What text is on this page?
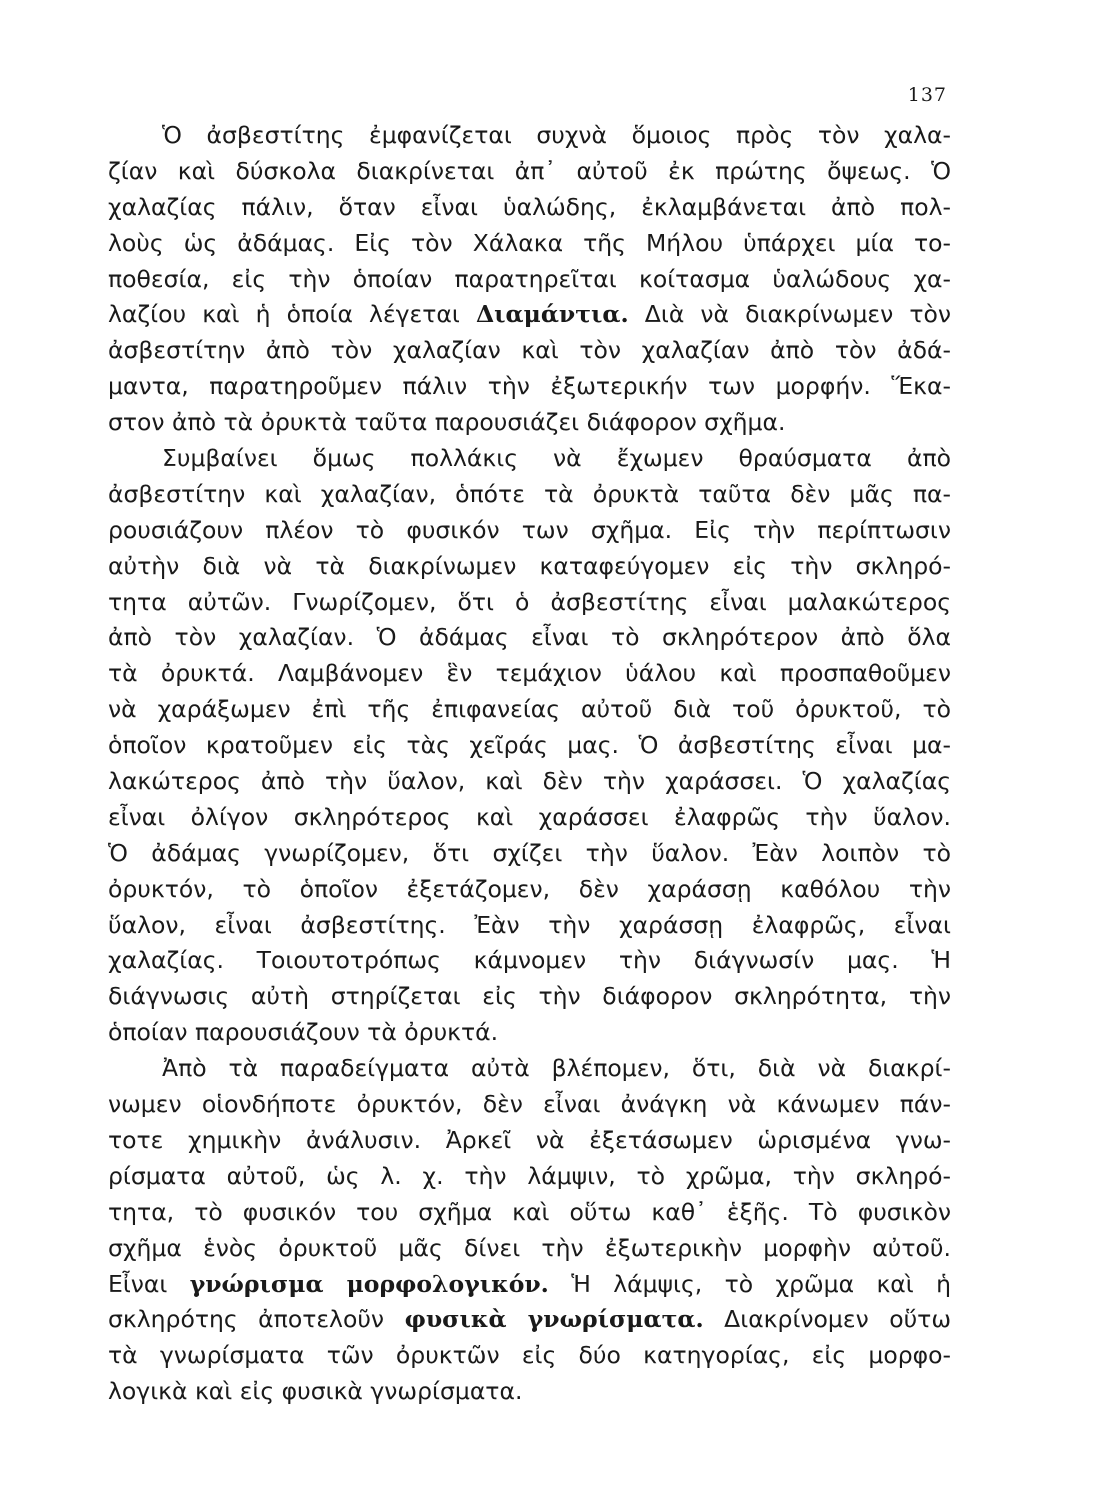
137
Ὁ ἀσβεστίτης ἐμφανίζεται συχνὰ ὅμοιος πρὸς τὸν χαλα-
ζίαν καὶ δύσκολα διακρίνεται ἀπ᾽ αὐτοῦ ἐκ πρώτης ὄψεως. Ὁ
χαλαζίας πάλιν, ὅταν εἶναι ὑαλώδης, ἐκλαμβάνεται ἀπὸ πολ-
λοὺς ὡς ἀδάμας. Εἰς τὸν Χάλακα τῆς Μήλου ὑπάρχει μία το-
ποθεσία, εἰς τὴν ὁποίαν παρατηρεῖται κοίτασμα ὑαλώδους χα-
λαζίου καὶ ἡ ὁποία λέγεται Διαμάντια. Διὰ νὰ διακρίνωμεν τὸν
ἀσβεστίτην ἀπὸ τὸν χαλαζίαν καὶ τὸν χαλαζίαν ἀπὸ τὸν ἀδά-
μαντα, παρατηροῦμεν πάλιν τὴν ἐξωτερικήν των μορφήν. Ἕκα-
στον ἀπὸ τὰ ὀρυκτὰ ταῦτα παρουσιάζει διάφορον σχῆμα.
Συμβαίνει ὅμως πολλάκις νὰ ἔχωμεν θραύσματα ἀπὸ
ἀσβεστίτην καὶ χαλαζίαν, ὁπότε τὰ ὀρυκτὰ ταῦτα δὲν μᾶς πα-
ρουσιάζουν πλέον τὸ φυσικόν των σχῆμα. Εἰς τὴν περίπτωσιν
αὐτὴν διὰ νὰ τὰ διακρίνωμεν καταφεύγομεν εἰς τὴν σκληρό-
τητα αὐτῶν. Γνωρίζομεν, ὅτι ὁ ἀσβεστίτης εἶναι μαλακώτερος
ἀπὸ τὸν χαλαζίαν. Ὁ ἀδάμας εἶναι τὸ σκληρότερον ἀπὸ ὅλα
τὰ ὀρυκτά. Λαμβάνομεν ἓν τεμάχιον ὑάλου καὶ προσπαθοῦμεν
νὰ χαράξωμεν ἐπὶ τῆς ἐπιφανείας αὐτοῦ διὰ τοῦ ὀρυκτοῦ, τὸ
ὁποῖον κρατοῦμεν εἰς τὰς χεῖράς μας. Ὁ ἀσβεστίτης εἶναι μα-
λακώτερος ἀπὸ τὴν ὕαλον, καὶ δὲν τὴν χαράσσει. Ὁ χαλαζίας
εἶναι ὀλίγον σκληρότερος καὶ χαράσσει ἐλαφρῶς τὴν ὕαλον.
Ὁ ἀδάμας γνωρίζομεν, ὅτι σχίζει τὴν ὕαλον. Ἐὰν λοιπὸν τὸ
ὀρυκτόν, τὸ ὁποῖον ἐξετάζομεν, δὲν χαράσσῃ καθόλου τὴν
ὕαλον, εἶναι ἀσβεστίτης. Ἐὰν τὴν χαράσσῃ ἐλαφρῶς, εἶναι
χαλαζίας. Τοιουτοτρόπως κάμνομεν τὴν διάγνωσίν μας. Ἡ
διάγνωσις αὐτὴ στηρίζεται εἰς τὴν διάφορον σκληρότητα, τὴν
ὁποίαν παρουσιάζουν τὰ ὀρυκτά.
Ἀπὸ τὰ παραδείγματα αὐτὰ βλέπομεν, ὅτι, διὰ νὰ διακρί-
νωμεν οἱονδήποτε ὀρυκτόν, δὲν εἶναι ἀνάγκη νὰ κάνωμεν πάν-
τοτε χημικὴν ἀνάλυσιν. Ἀρκεῖ νὰ ἐξετάσωμεν ὡρισμένα γνω-
ρίσματα αὐτοῦ, ὡς λ. χ. τὴν λάμψιν, τὸ χρῶμα, τὴν σκληρό-
τητα, τὸ φυσικόν του σχῆμα καὶ οὕτω καθ᾽ ἑξῆς. Τὸ φυσικὸν
σχῆμα ἑνὸς ὀρυκτοῦ μᾶς δίνει τὴν ἐξωτερικὴν μορφὴν αὐτοῦ.
Εἶναι γνώρισμα μορφολογικόν. Ἡ λάμψις, τὸ χρῶμα καὶ ἡ
σκληρότης ἀποτελοῦν φυσικὰ γνωρίσματα. Διακρίνομεν οὕτω
τὰ γνωρίσματα τῶν ὀρυκτῶν εἰς δύο κατηγορίας, εἰς μορφο-
λογικὰ καὶ εἰς φυσικὰ γνωρίσματα.
